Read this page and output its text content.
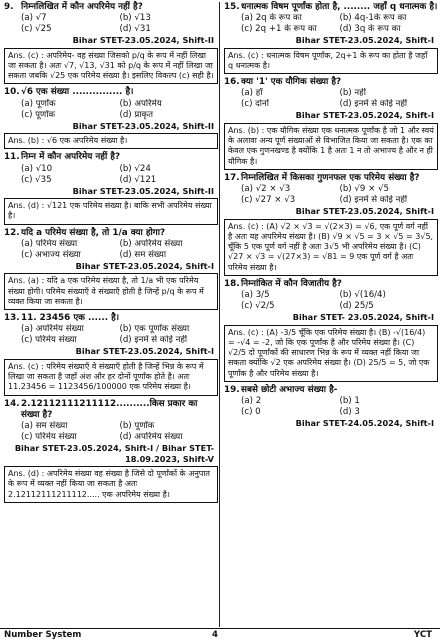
9. निम्नलिखित में कौन अपरिमेय नहीं है?
(a) √7	(b) √13
(c) √25	(d) √31
Bihar STET-23.05.2024, Shift-II
Ans. (c) : अपरिमेय- वह संख्या जिसको p/q के रूप में नहीं लिखा जा सकता है। अतः √7, √13, √31 को p/q के रूप में नहीं लिखा जा सकता जबकि √25 एक परिमेय संख्या है। इसलिए विकल्प (c) सही है।
10. √6 एक संख्या ............... है।
(a) पूर्णांक	(b) अपरिमेय
(c) पूर्णांक	(d) प्राकृत
Bihar STET-23.05.2024, Shift-II
Ans. (b) : √6 एक अपरिमेय संख्या है।
11. निम्न में कौन अपरिमेय नहीं है?
(a) √10	(b) √24
(c) √35	(d) √121
Bihar STET-23.05.2024, Shift-II
Ans. (d) : √121 एक परिमेय संख्या है। बाकि सभी अपरिमेय संख्या है।
12. यदि a परिमेय संख्या है, तो 1/a क्या होगा?
(a) परिमेय संख्या	(b) अपरिमेय संख्या
(c) अभाज्य संख्या	(d) सम संख्या
Bihar STET-23.05.2024, Shift-I
Ans. (a) : यदि a एक परिमेय संख्या है, तो 1/a भी एक परिमेय संख्या होगी। परिमेय संख्याएँ वे संख्याएँ होती है जिन्हें p/q के रूप में व्यक्त किया जा सकता है।
13. 11. 23456 एक ...... है।
(a) अपरिमेय संख्या	(b) एक पूर्णांक संख्या
(c) परिमेय संख्या	(d) इनमें से कोई नहीं
Bihar STET-23.05.2024, Shift-I
Ans. (c) : परिमेय संख्याएँ वे संख्याएँ होती है जिन्हें भिन्न के रूप में लिखा जा सकता है जहाँ अंश और हर दोनों पूर्णांक होते है। अतः 11.23456 = 1123456/100000 एक परिमेय संख्या है।
14. 2.12112111211112..........किस प्रकार का संख्या है?
(a) सम संख्या	(b) पूर्णांक
(c) परिमेय संख्या	(d) अपरिमेय संख्या
Bihar STET-23.05.2024, Shift-I / Bihar STET-18.09.2023, Shift-V
Ans. (d) : अपरिमेय संख्या वह संख्या है जिसे दो पूर्णांकों के अनुपात के रूप में व्यक्त नहीं किया जा सकता है अतः 2.12112111211112..... एक अपरिमेय संख्या है।
15. धनात्मक विषम पूर्णांक होता है, ........ जहाँ q धनात्मक है।
(a) 2q के रूप का	(b) 4q-1के रूप का
(c) 2q +1 के रूप का	(d) 3q के रूप का
Bihar STET-23.05.2024, Shift-I
Ans. (c) : धनात्मक विषम पूर्णांक, 2q+1 के रूप का होता है जहाँ q धनात्मक है।
16. क्या '1' एक यौगिक संख्या है?
(a) हाँ	(b) नहीं
(c) दोनों	(d) इनमें से कोई नहीं
Bihar STET-23.05.2024, Shift-I
Ans. (b) : एक यौगिक संख्या एक धनात्मक पूर्णांक है जो 1 और स्वयं के अलावा अन्य पूर्ण संख्याओं से विभाजित किया जा सकता है। एक का केवल एक गुणनखण्ड है क्योंकि 1 है अतः 1 न तो अभाज्य है और न ही यौगिक है।
17. निम्नलिखित में किसका गुणनफल एक परिमेय संख्या है?
(a) √2 × √3	(b) √9 × √5
(c) √27 × √3	(d) इनमें से कोई नहीं
Bihar STET-23.05.2024, Shift-I
Ans. (c) : (A) √2 × √3 = √(2×3) = √6, एक पूर्ण वर्ग नहीं है अतः यह अपरिमेय संख्या है। (B) √9 × √5 = 3 × √5 = 3√5, चूँकि 5 एक पूर्ण वर्ग नहीं है अतः 3√5 भी अपरिमेय संख्या है। (C) √27 × √3 = √(27×3) = √81 = 9 एक पूर्ण वर्ग है अतः परिमेय संख्या है।
18. निम्नांकित में कौन विजातीय है?
(a) 3/5	(b) √(16/4)
(c) √2/5	(d) 25/5
Bihar STET- 23.05.2024, Shift-I
Ans. (c) : (A) -3/5 चूँकि एक परिमेय संख्या है। (B) -√(16/4) = -√4 = -2, जो कि एक पूर्णांक है और परिमेय संख्या है। (C) √2/5 दो पूर्णांकों की साधारण भिन्न के रूप में व्यक्त नहीं किया जा सकता क्योंकि √2 एक अपरिमेय संख्या है। (D) 25/5 = 5, जो एक पूर्णांक है और परिमेय संख्या है।
19. सबसे छोटी अभाज्य संख्या है-
(a) 2	(b) 1
(c) 0	(d) 3
Bihar STET-24.05.2024, Shift-I
Number System	4	YCT
